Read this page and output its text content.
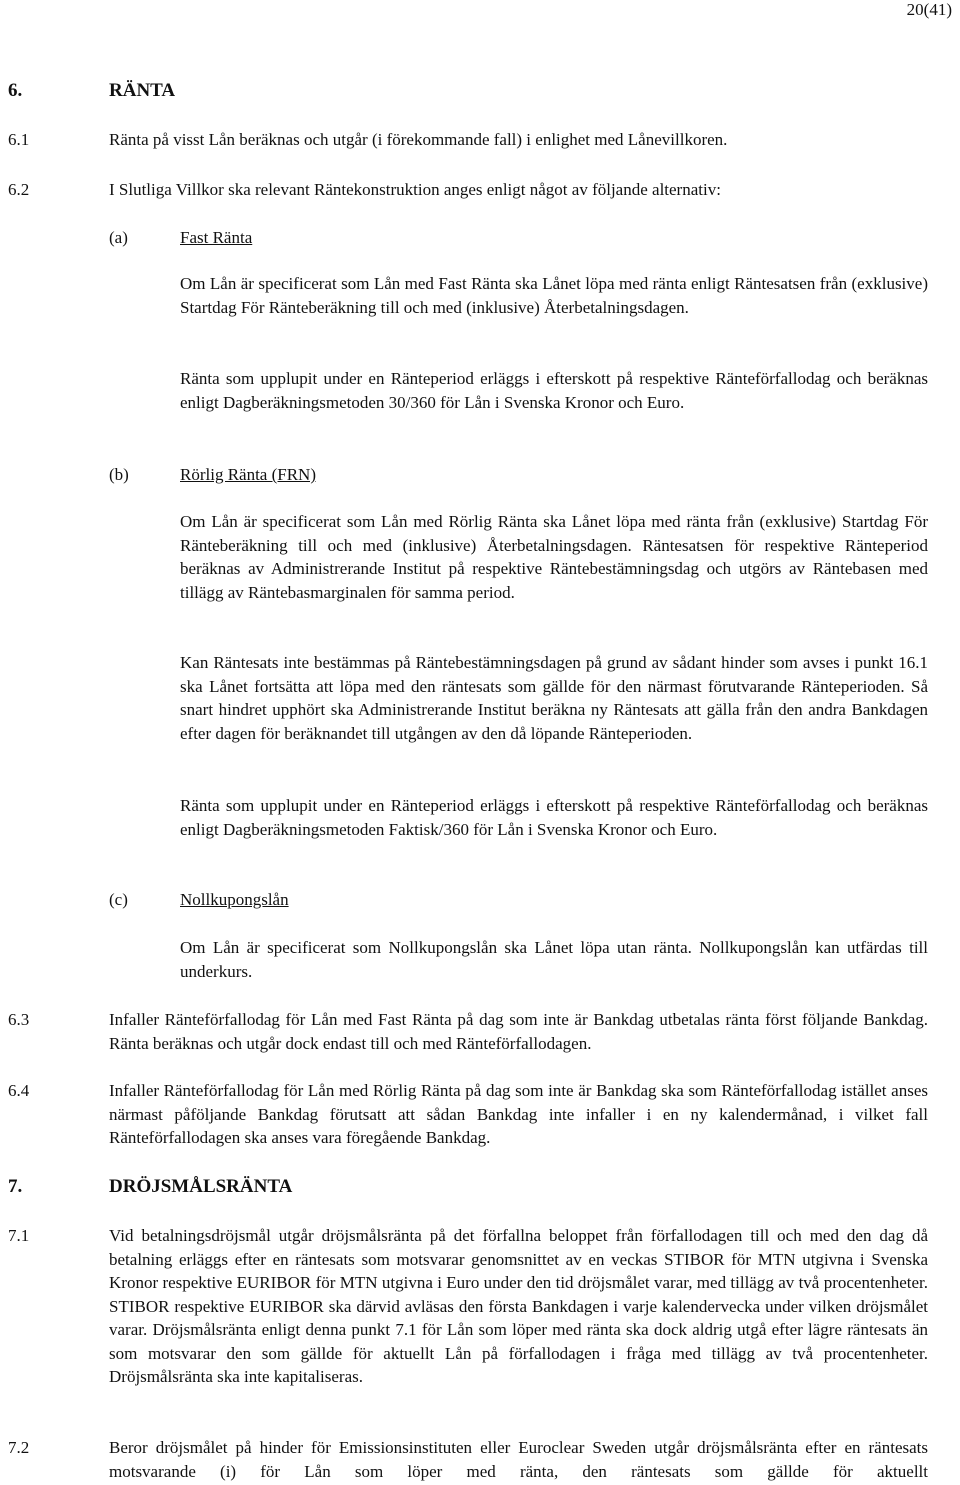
20(41)
6.	RÄNTA
6.1	Ränta på visst Lån beräknas och utgår (i förekommande fall) i enlighet med Lånevillkoren.
6.2	I Slutliga Villkor ska relevant Räntekonstruktion anges enligt något av följande alternativ:
(a)	Fast Ränta
Om Lån är specificerat som Lån med Fast Ränta ska Lånet löpa med ränta enligt Räntesatsen från (exklusive) Startdag För Ränteberäkning till och med (inklusive) Återbetalningsdagen.
Ränta som upplupit under en Ränteperiod erläggs i efterskott på respektive Ränteförfallodag och beräknas enligt Dagberäkningsmetoden 30/360 för Lån i Svenska Kronor och Euro.
(b)	Rörlig Ränta (FRN)
Om Lån är specificerat som Lån med Rörlig Ränta ska Lånet löpa med ränta från (exklusive) Startdag För Ränteberäkning till och med (inklusive) Återbetalningsdagen. Räntesatsen för respektive Ränteperiod beräknas av Administrerande Institut på respektive Räntebestämningsdag och utgörs av Räntebasen med tillägg av Räntebasmarginalen för samma period.
Kan Räntesats inte bestämmas på Räntebestämningsdagen på grund av sådant hinder som avses i punkt 16.1 ska Lånet fortsätta att löpa med den räntesats som gällde för den närmast förutvarande Ränteperioden. Så snart hindret upphört ska Administrerande Institut beräkna ny Räntesats att gälla från den andra Bankdagen efter dagen för beräknandet till utgången av den då löpande Ränteperioden.
Ränta som upplupit under en Ränteperiod erläggs i efterskott på respektive Ränteförfallodag och beräknas enligt Dagberäkningsmetoden Faktisk/360 för Lån i Svenska Kronor och Euro.
(c)	Nollkupongslån
Om Lån är specificerat som Nollkupongslån ska Lånet löpa utan ränta. Nollkupongslån kan utfärdas till underkurs.
6.3	Infaller Ränteförfallodag för Lån med Fast Ränta på dag som inte är Bankdag utbetalas ränta först följande Bankdag. Ränta beräknas och utgår dock endast till och med Ränteförfallodagen.
6.4	Infaller Ränteförfallodag för Lån med Rörlig Ränta på dag som inte är Bankdag ska som Ränteförfallodag istället anses närmast påföljande Bankdag förutsatt att sådan Bankdag inte infaller i en ny kalendermånad, i vilket fall Ränteförfallodagen ska anses vara föregående Bankdag.
7.	DRÖJSMÅLSRÄNTA
7.1	Vid betalningsdröjsmål utgår dröjsmålsränta på det förfallna beloppet från förfallodagen till och med den dag då betalning erläggs efter en räntesats som motsvarar genomsnittet av en veckas STIBOR för MTN utgivna i Svenska Kronor respektive EURIBOR för MTN utgivna i Euro under den tid dröjsmålet varar, med tillägg av två procentenheter. STIBOR respektive EURIBOR ska därvid avläsas den första Bankdagen i varje kalendervecka under vilken dröjsmålet varar. Dröjsmålsränta enligt denna punkt 7.1 för Lån som löper med ränta ska dock aldrig utgå efter lägre räntesats än som motsvarar den som gällde för aktuellt Lån på förfallodagen i fråga med tillägg av två procentenheter. Dröjsmålsränta ska inte kapitaliseras.
7.2	Beror dröjsmålet på hinder för Emissionsinstituten eller Euroclear Sweden utgår dröjsmålsränta efter en räntesats motsvarande (i) för Lån som löper med ränta, den räntesats som gällde för aktuellt
